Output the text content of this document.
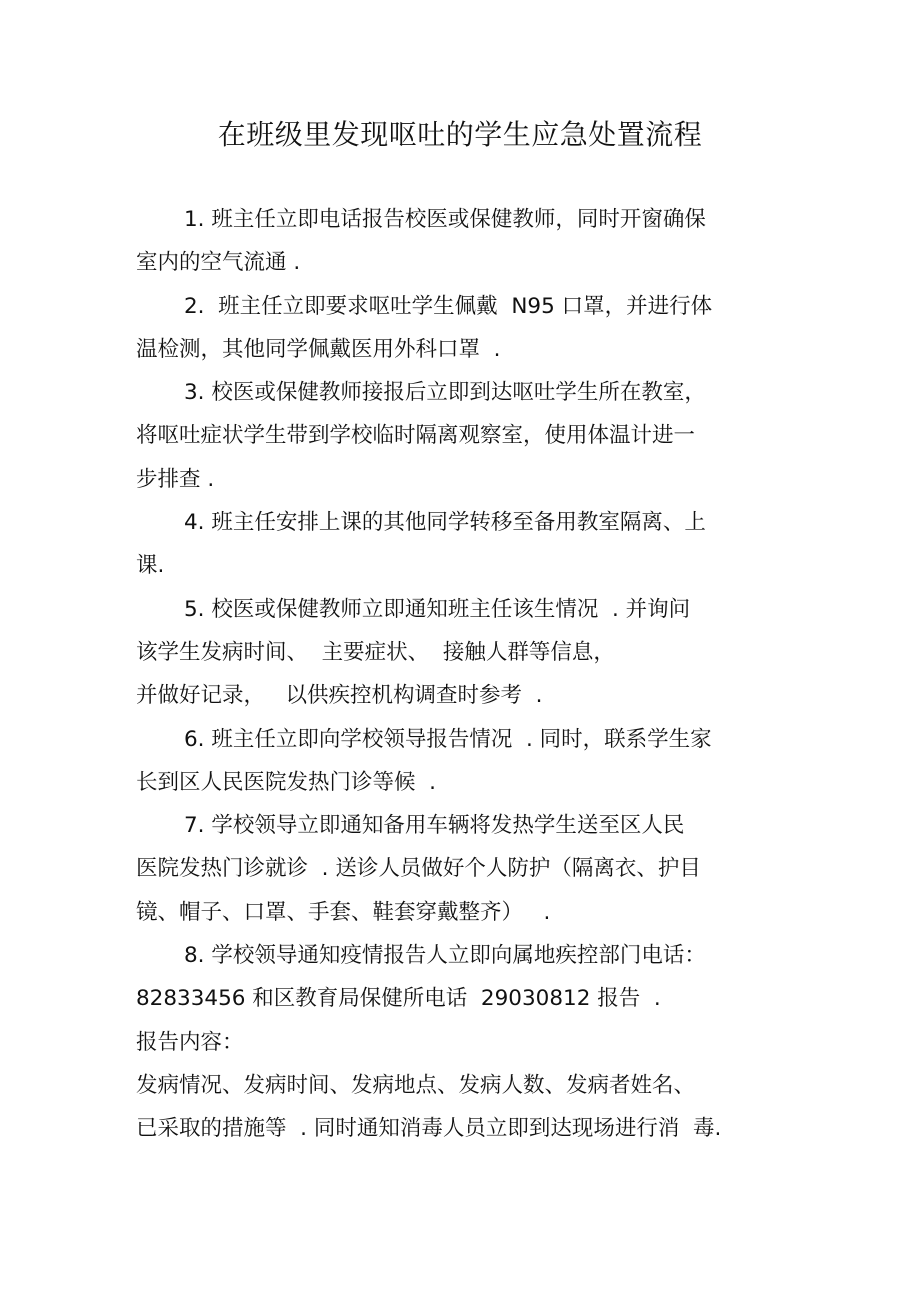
在班级里发现呕吐的学生应急处置流程
1. 班主任立即电话报告校医或保健教师，同时开窗确保
室内的空气流通 .
2.  班主任立即要求呕吐学生佩戴  N95 口罩，并进行体
温检测，其他同学佩戴医用外科口罩  .
3. 校医或保健教师接报后立即到达呕吐学生所在教室，
将呕吐症状学生带到学校临时隔离观察室，使用体温计进一
步排查 .
4. 班主任安排上课的其他同学转移至备用教室隔离、上
课.
5. 校医或保健教师立即通知班主任该生情况  . 并询问
该学生发病时间、  主要症状、  接触人群等信息，
并做好记录，   以供疾控机构调查时参考  .
6. 班主任立即向学校领导报告情况  . 同时，联系学生家
长到区人民医院发热门诊等候  .
7. 学校领导立即通知备用车辆将发热学生送至区人民
医院发热门诊就诊  . 送诊人员做好个人防护（隔离衣、护目
镜、帽子、口罩、手套、鞋套穿戴整齐）   .
8. 学校领导通知疫情报告人立即向属地疾控部门电话：
82833456 和区教育局保健所电话  29030812 报告  .
报告内容：
发病情况、发病时间、发病地点、发病人数、发病者姓名、
已采取的措施等  . 同时通知消毒人员立即到达现场进行消  毒.
